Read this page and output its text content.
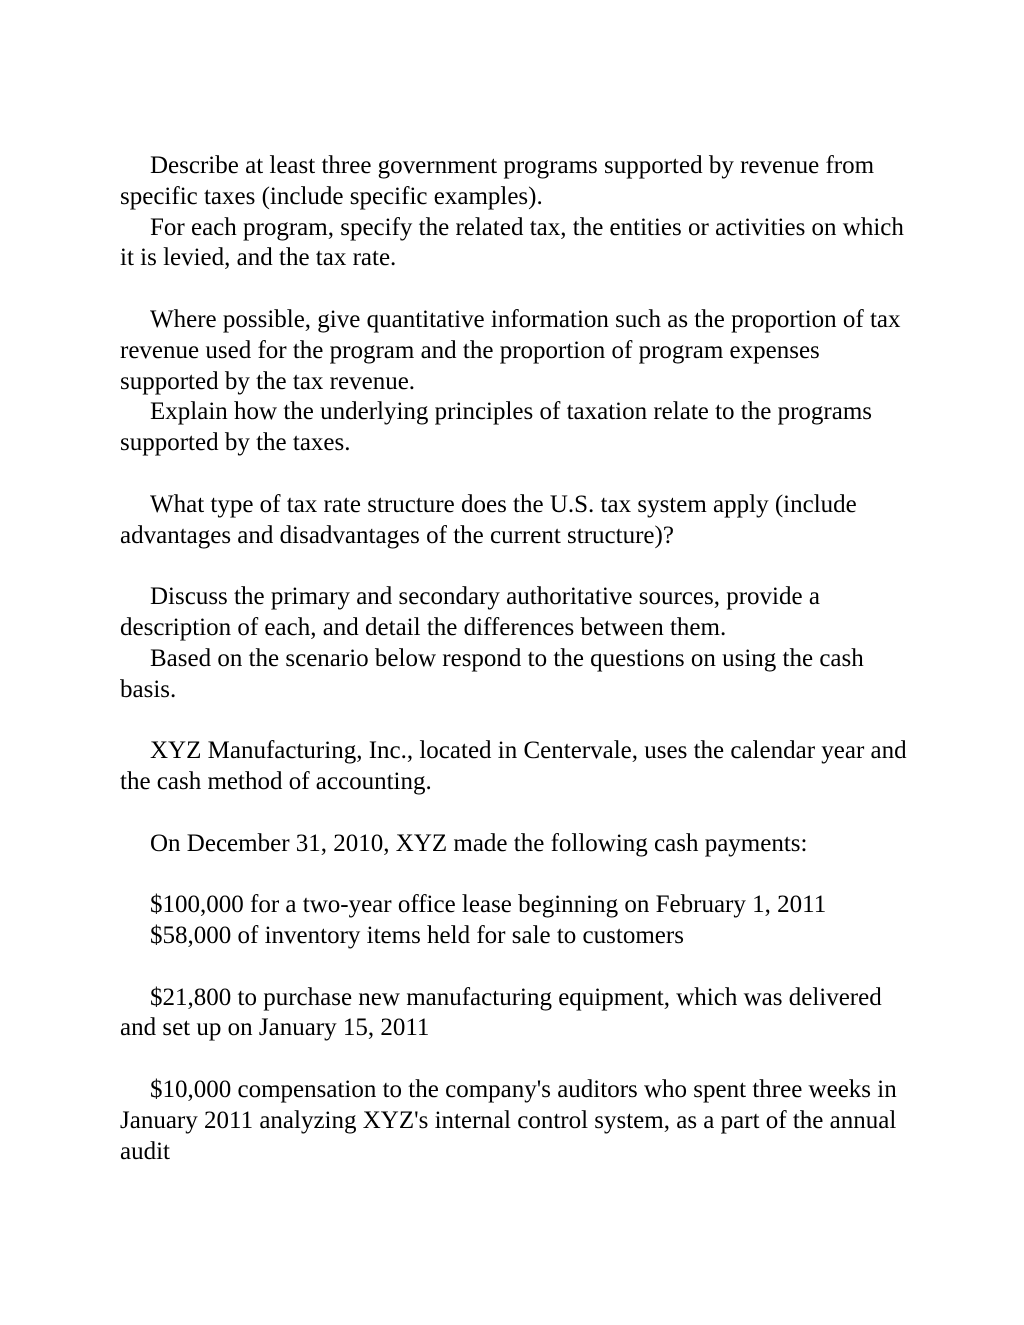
Describe at least three government programs supported by revenue from specific taxes (include specific examples).

For each program, specify the related tax, the entities or activities on which it is levied, and the tax rate.

Where possible, give quantitative information such as the proportion of tax revenue used for the program and the proportion of program expenses supported by the tax revenue.

Explain how the underlying principles of taxation relate to the programs supported by the taxes.

What type of tax rate structure does the U.S. tax system apply (include advantages and disadvantages of the current structure)?

Discuss the primary and secondary authoritative sources, provide a description of each, and detail the differences between them.

Based on the scenario below respond to the questions on using the cash basis.

XYZ Manufacturing, Inc., located in Centervale, uses the calendar year and the cash method of accounting.

On December 31, 2010, XYZ made the following cash payments:

$100,000 for a two-year office lease beginning on February 1, 2011

$58,000 of inventory items held for sale to customers

$21,800 to purchase new manufacturing equipment, which was delivered and set up on January 15, 2011

$10,000 compensation to the company's auditors who spent three weeks in January 2011 analyzing XYZ's internal control system, as a part of the annual audit
